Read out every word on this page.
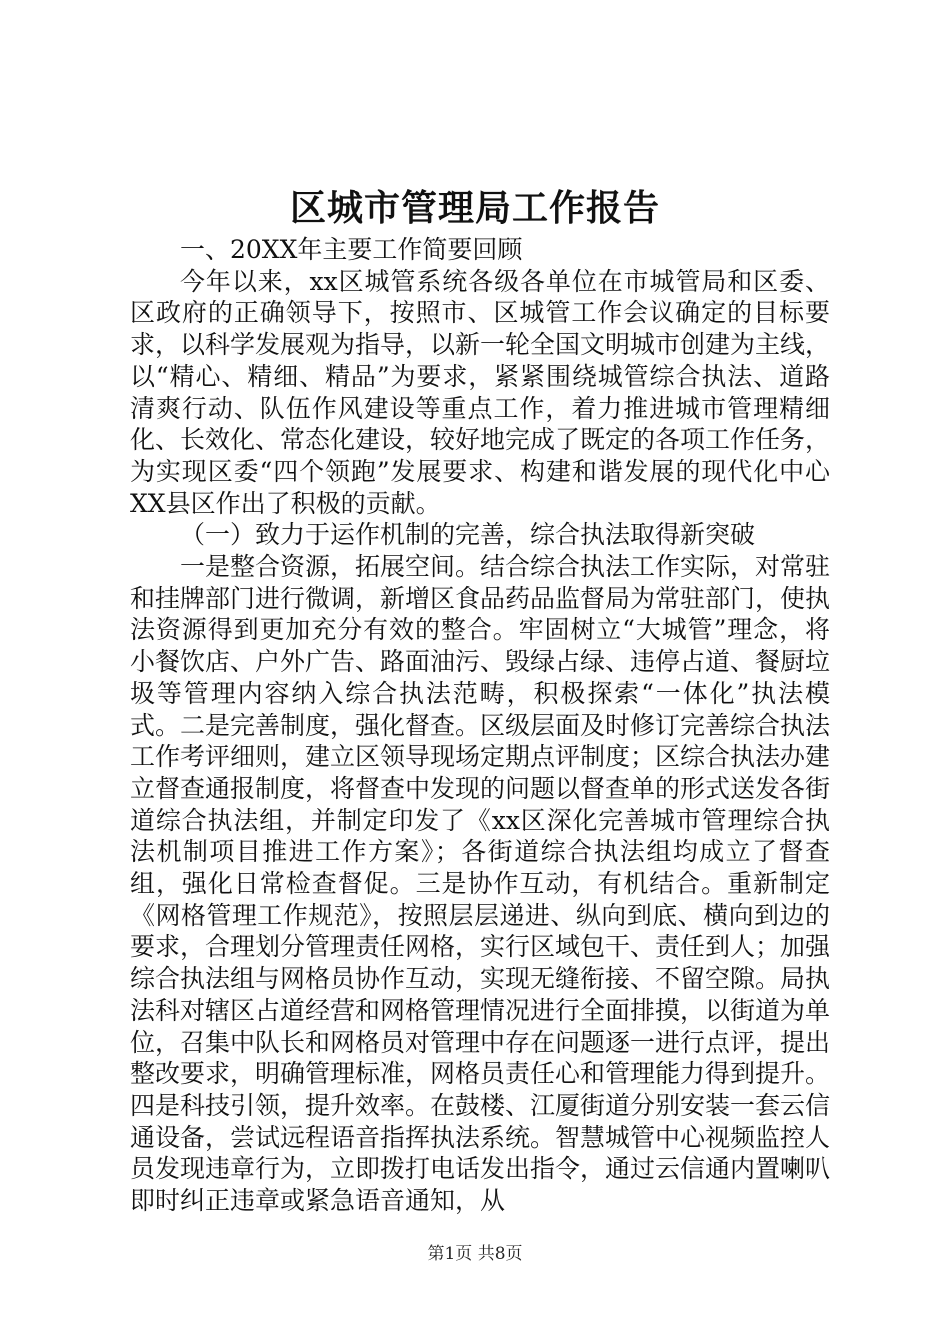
区城市管理局工作报告

一、20XX年主要工作简要回顾

今年以来，xx区城管系统各级各单位在市城管局和区委、区政府的正确领导下，按照市、区城管工作会议确定的目标要求，以科学发展观为指导，以新一轮全国文明城市创建为主线，以“精心、精细、精品”为要求，紧紧围绕城管综合执法、道路清爽行动、队伍作风建设等重点工作，着力推进城市管理精细化、长效化、常态化建设，较好地完成了既定的各项工作任务，为实现区委“四个领跑”发展要求、构建和谐发展的现代化中心XX县区作出了积极的贡献。

（一）致力于运作机制的完善，综合执法取得新突破

一是整合资源，拓展空间。结合综合执法工作实际，对常驻和挂牌部门进行微调，新增区食品药品监督局为常驻部门，使执法资源得到更加充分有效的整合。牢固树立“大城管”理念，将小餐饮店、户外广告、路面油污、毁绿占绿、违停占道、餐厨垃圾等管理内容纳入综合执法范畴，积极探索“一体化”执法模式。二是完善制度，强化督查。区级层面及时修订完善综合执法工作考评细则，建立区领导现场定期点评制度；区综合执法办建立督查通报制度，将督查中发现的问题以督查单的形式送发各街道综合执法组，并制定印发了《xx区深化完善城市管理综合执法机制项目推进工作方案》；各街道综合执法组均成立了督查组，强化日常检查督促。三是协作互动，有机结合。重新制定《网格管理工作规范》，按照层层递进、纵向到底、横向到边的要求，合理划分管理责任网格，实行区域包干、责任到人；加强综合执法组与网格员协作互动，实现无缝衔接、不留空隙。局执法科对辖区占道经营和网格管理情况进行全面排摸，以街道为单位，召集中队长和网格员对管理中存在问题逐一进行点评，提出整改要求，明确管理标准，网格员责任心和管理能力得到提升。四是科技引领，提升效率。在鼓楼、江厦街道分别安装一套云信通设备，尝试远程语音指挥执法系统。智慧城管中心视频监控人员发现违章行为，立即拨打电话发出指令，通过云信通内置喇叭即时纠正违章或紧急语音通知，从

第1页 共8页
